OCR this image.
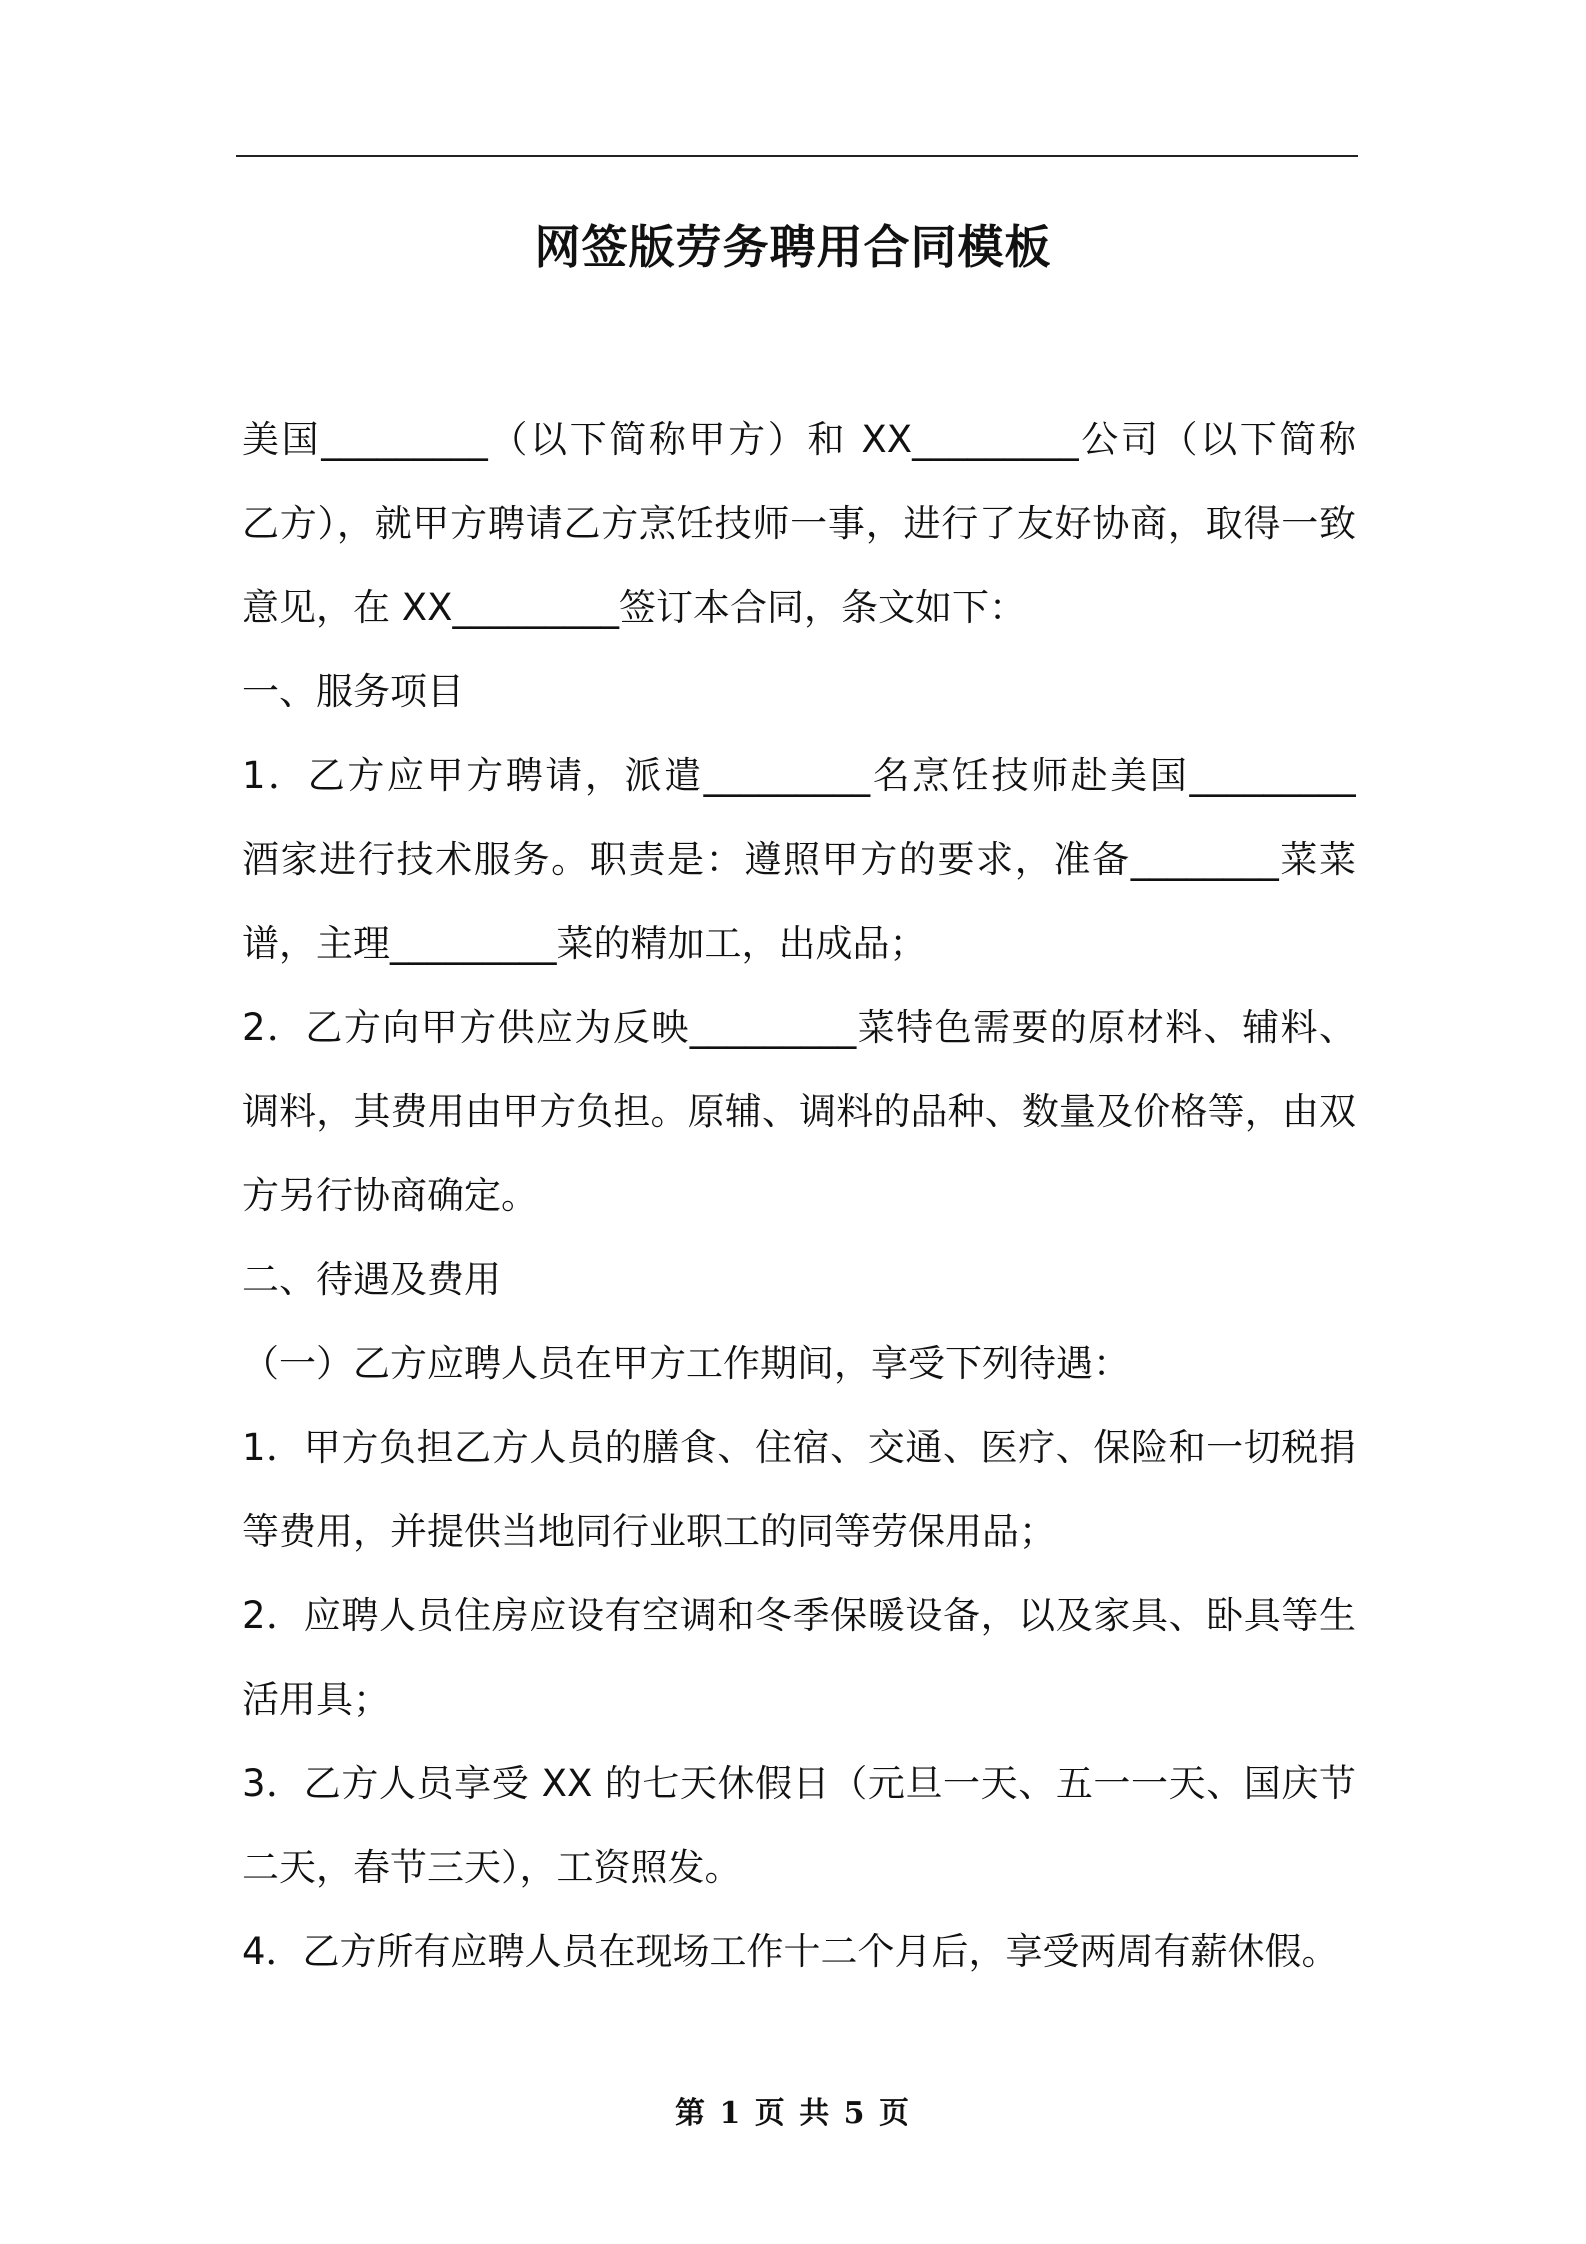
网签版劳务聘用合同模板
美国_________（以下简称甲方）和 XX_________公司（以下简称
乙方），就甲方聘请乙方烹饪技师一事，进行了友好协商，取得一致
意见，在 XX_________签订本合同，条文如下：
一、服务项目
1．乙方应甲方聘请，派遣_________名烹饪技师赴美国_________
酒家进行技术服务。职责是：遵照甲方的要求，准备________菜菜
谱，主理_________菜的精加工，出成品；
2．乙方向甲方供应为反映_________菜特色需要的原材料、辅料、
调料，其费用由甲方负担。原辅、调料的品种、数量及价格等，由双
方另行协商确定。
二、待遇及费用
（一）乙方应聘人员在甲方工作期间，享受下列待遇：
1．甲方负担乙方人员的膳食、住宿、交通、医疗、保险和一切税捐
等费用，并提供当地同行业职工的同等劳保用品；
2．应聘人员住房应设有空调和冬季保暖设备，以及家具、卧具等生
活用具；
3．乙方人员享受 XX 的七天休假日（元旦一天、五一一天、国庆节
二天，春节三天），工资照发。
4．乙方所有应聘人员在现场工作十二个月后，享受两周有薪休假。
第 1 页 共 5 页
